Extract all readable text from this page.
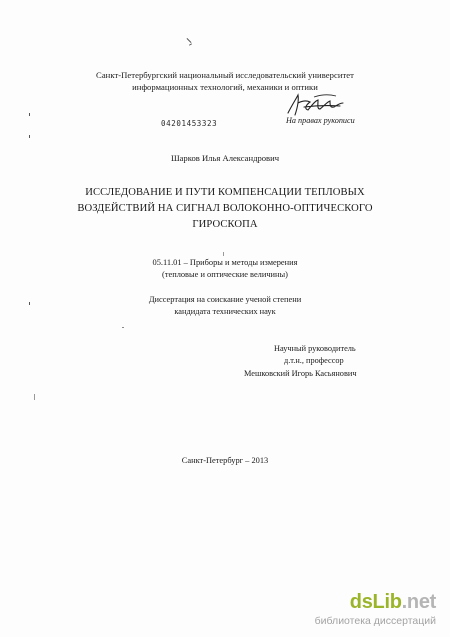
Санкт-Петербургский национальный исследовательский университет
информационных технологий, механики и оптики
04201453323	На правах рукописи
Шарков Илья Александрович
ИССЛЕДОВАНИЕ И ПУТИ КОМПЕНСАЦИИ ТЕПЛОВЫХ
ВОЗДЕЙСТВИЙ НА СИГНАЛ ВОЛОКОННО-ОПТИЧЕСКОГО
ГИРОСКОПА
05.11.01 – Приборы и методы измерения
(тепловые и оптические величины)
Диссертация на соискание ученой степени
кандидата технических наук
Научный руководитель
д.т.н., профессор
Мешковский Игорь Касьянович
Санкт-Петербург – 2013
dsLib.net
библиотека диссертаций
